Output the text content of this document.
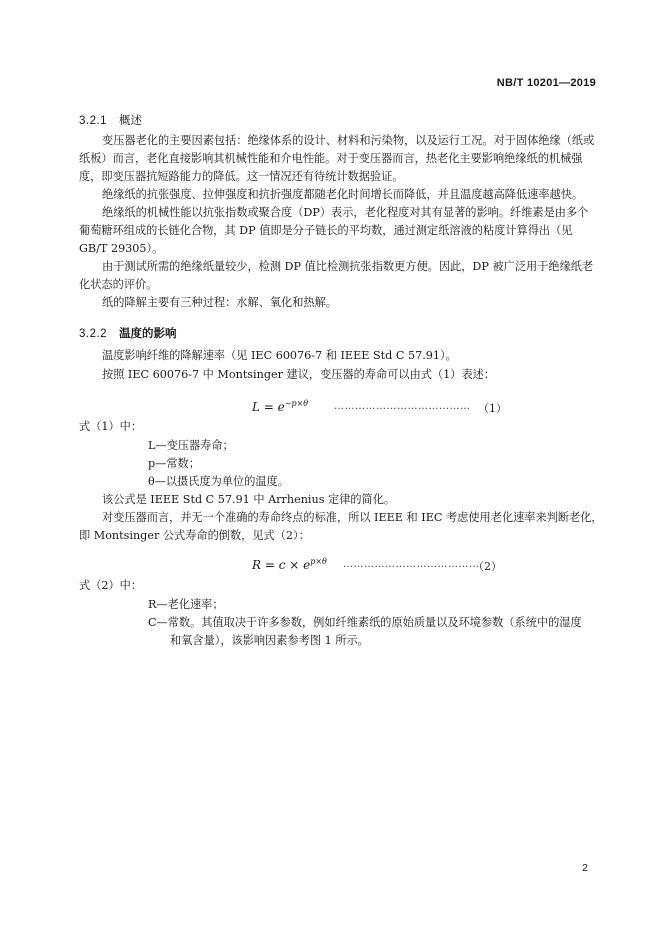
NB/T 10201—2019
3.2.1 概述
变压器老化的主要因素包括：绝缘体系的设计、材料和污染物，以及运行工况。对于固体绝缘（纸或纸板）而言，老化直接影响其机械性能和介电性能。对于变压器而言，热老化主要影响绝缘纸的机械强度，即变压器抗短路能力的降低。这一情况还有待统计数据验证。
绝缘纸的抗张强度、拉伸强度和抗折强度都随老化时间增长而降低，并且温度越高降低速率越快。
绝缘纸的机械性能以抗张指数或聚合度（DP）表示，老化程度对其有显著的影响。纤维素是由多个葡萄糖环组成的长链化合物，其 DP 值即是分子链长的平均数，通过测定纸溶液的粘度计算得出（见 GB/T 29305）。
由于测试所需的绝缘纸量较少，检测 DP 值比检测抗张指数更方便。因此，DP 被广泛用于绝缘纸老化状态的评价。
纸的降解主要有三种过程：水解、氧化和热解。
3.2.2 温度的影响
温度影响纤维的降解速率（见 IEC 60076-7 和 IEEE Std C 57.91）。
按照 IEC 60076-7 中 Montsinger 建议，变压器的寿命可以由式（1）表述：
$L = e^{-p\times\theta}$	………………………………… （1）
式（1）中：
L—变压器寿命；
p—常数；
θ—以摄氏度为单位的温度。
该公式是 IEEE Std C 57.91 中 Arrhenius 定律的简化。
对变压器而言，并无一个准确的寿命终点的标准，所以 IEEE 和 IEC 考虑使用老化速率来判断老化，
即 Montsinger 公式寿命的倒数，见式（2）：
$R = c \times e^{p\times\theta}$ …………………………………
（2）
式（2）中：
R—老化速率；
C—常数。其值取决于许多参数，例如纤维素纸的原始质量以及环境参数（系统中的湿度
和氧含量），该影响因素参考图 1 所示。
2
